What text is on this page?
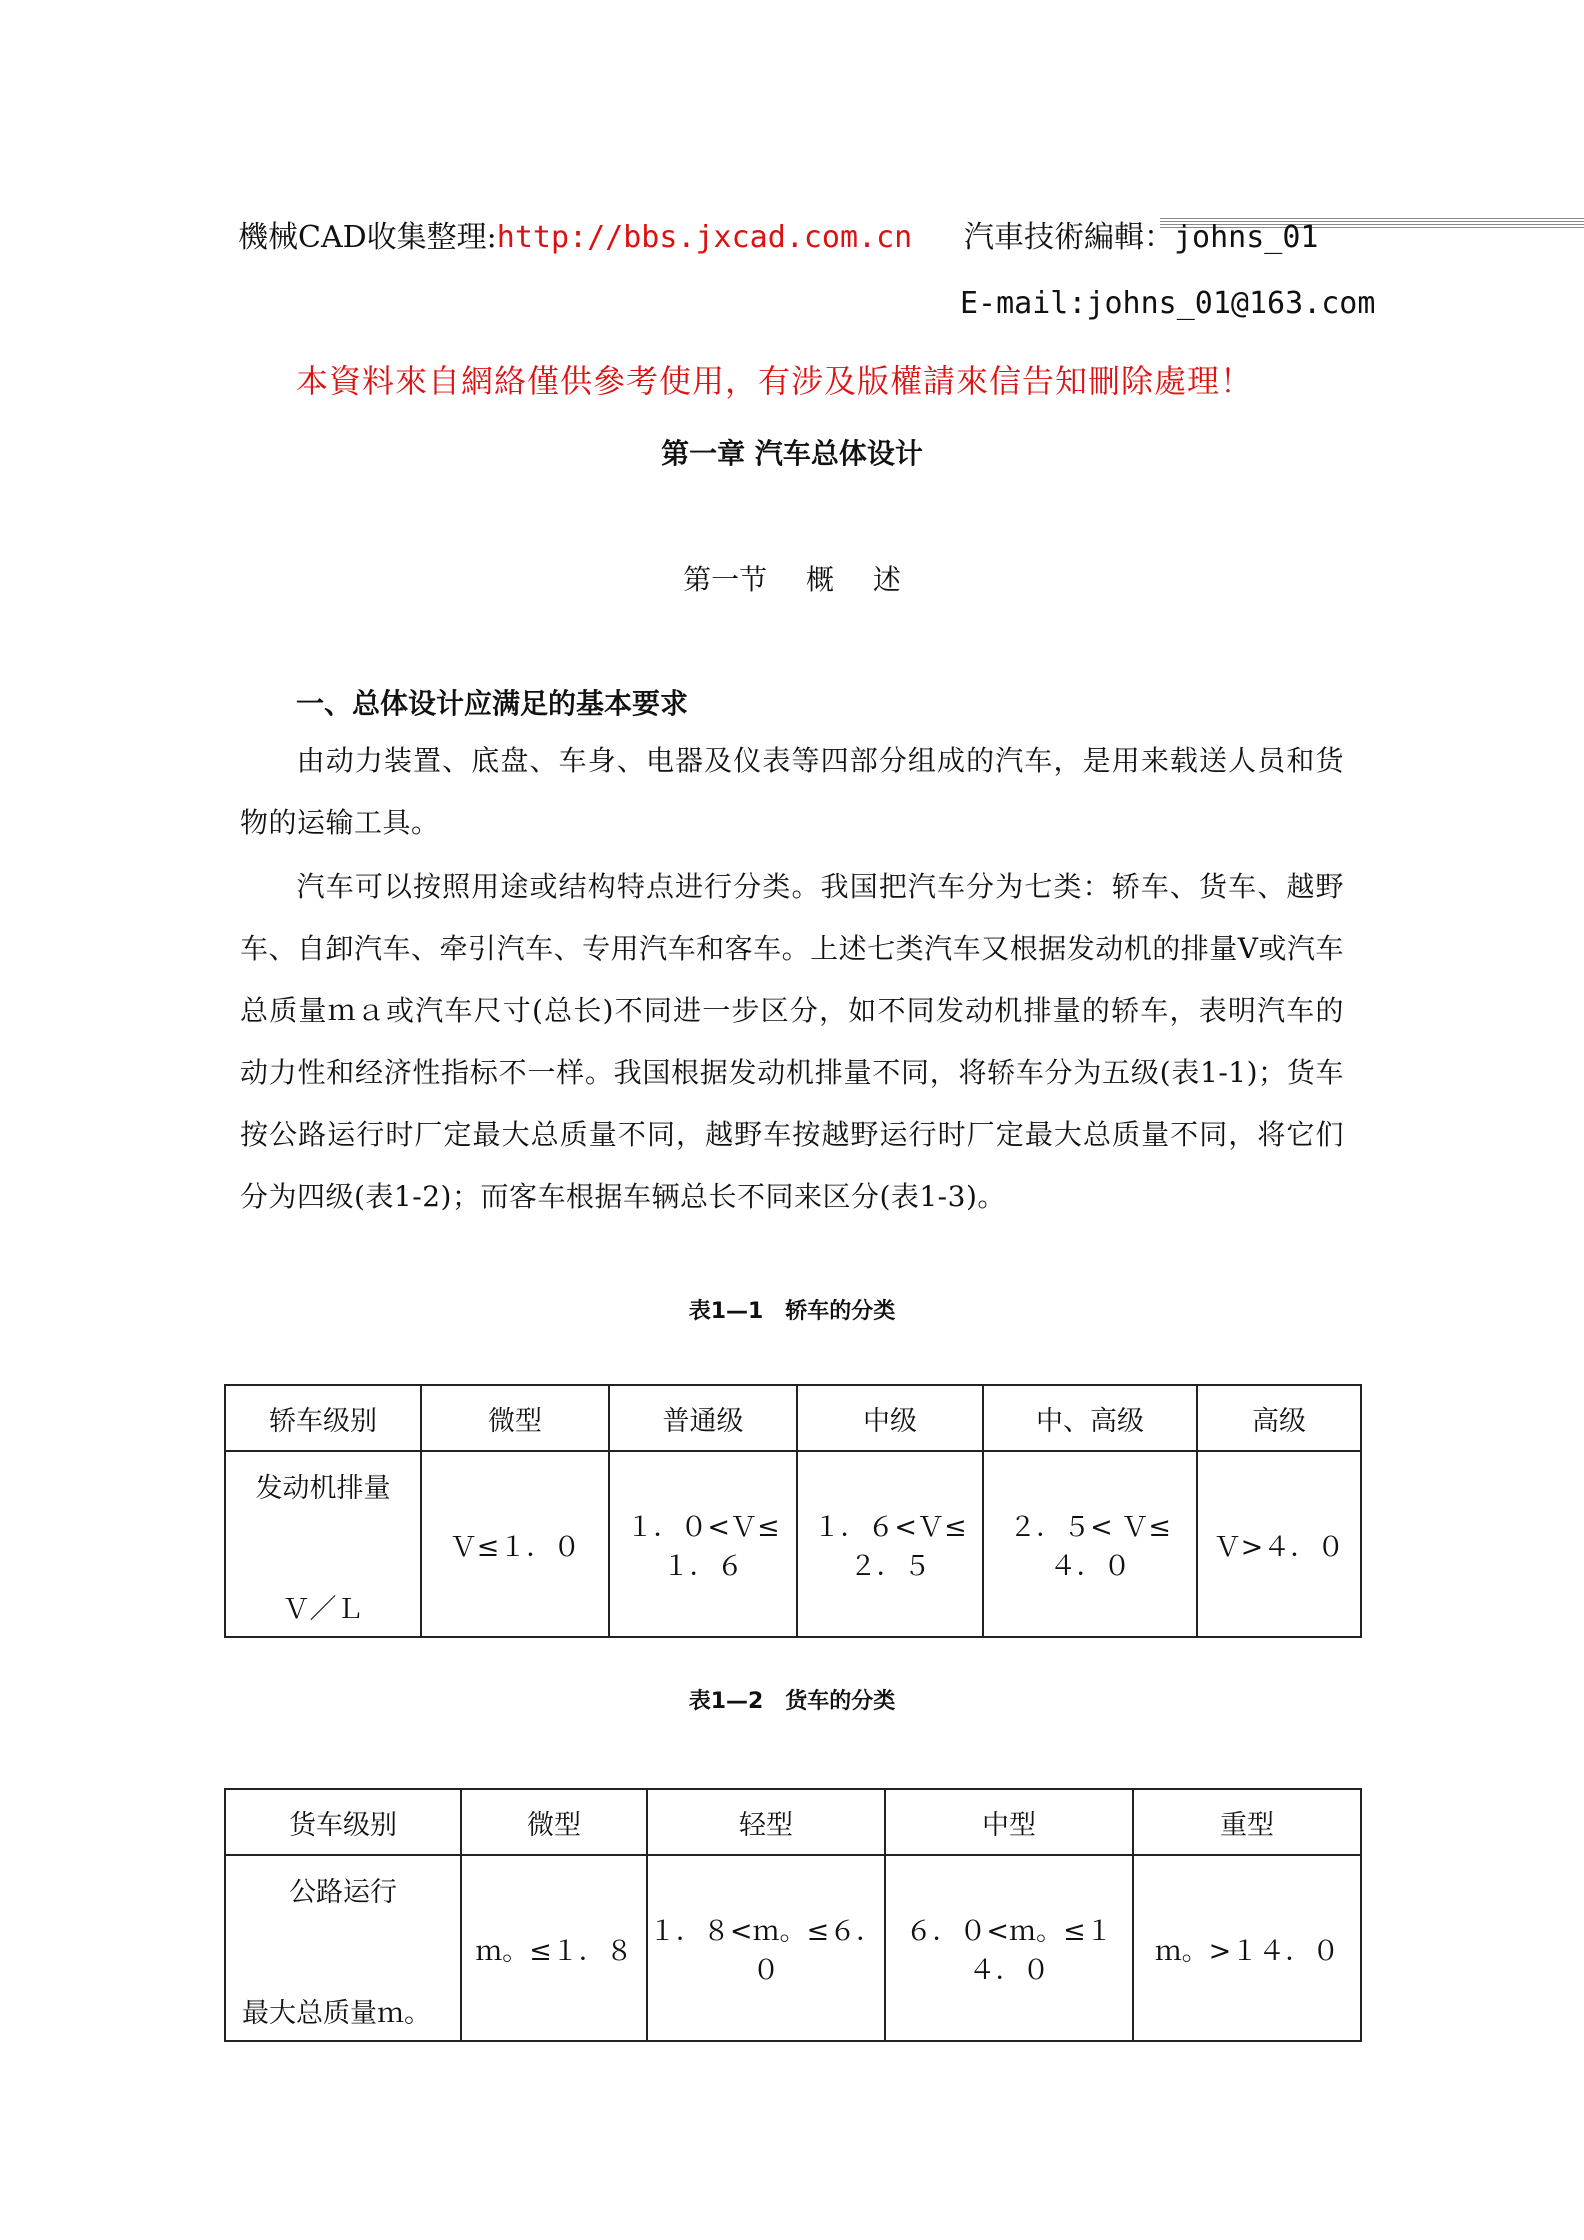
機械CAD收集整理:http://bbs.jxcad.com.cn 汽車技術編輯：johns_01
E-mail:johns_01@163.com
本資料來自網絡僅供參考使用，有涉及版權請來信告知刪除處理！
第一章 汽车总体设计
第一节 概 述
一、总体设计应满足的基本要求
由动力装置、底盘、车身、电器及仪表等四部分组成的汽车，是用来载送人员和货物的运输工具。
汽车可以按照用途或结构特点进行分类。我国把汽车分为七类：轿车、货车、越野车、自卸汽车、牵引汽车、专用汽车和客车。上述七类汽车又根据发动机的排量V或汽车总质量ｍａ或汽车尺寸(总长)不同进一步区分，如不同发动机排量的轿车，表明汽车的动力性和经济性指标不一样。我国根据发动机排量不同，将轿车分为五级(表1-1)；货车按公路运行时厂定最大总质量不同，越野车按越野运行时厂定最大总质量不同，将它们分为四级(表1-2)；而客车根据车辆总长不同来区分(表1-3)。
表1—1　轿车的分类
轿车级别	微型	普通级	中级	中、高级	高级

发动机排量
Ｖ／Ｌ	Ｖ≤１．０	１．０<Ｖ≤１．６	１．６<Ｖ≤２．５	２．５< Ｖ≤４．０	Ｖ>４．０
表1—2　货车的分类
货车级别	微型	轻型	中型	重型

公路运行
最大总质量ｍ。	ｍ。≤１．８	１．８<ｍ。≤６．０	６．０<ｍ。≤１４．０	ｍ。>１４．０
